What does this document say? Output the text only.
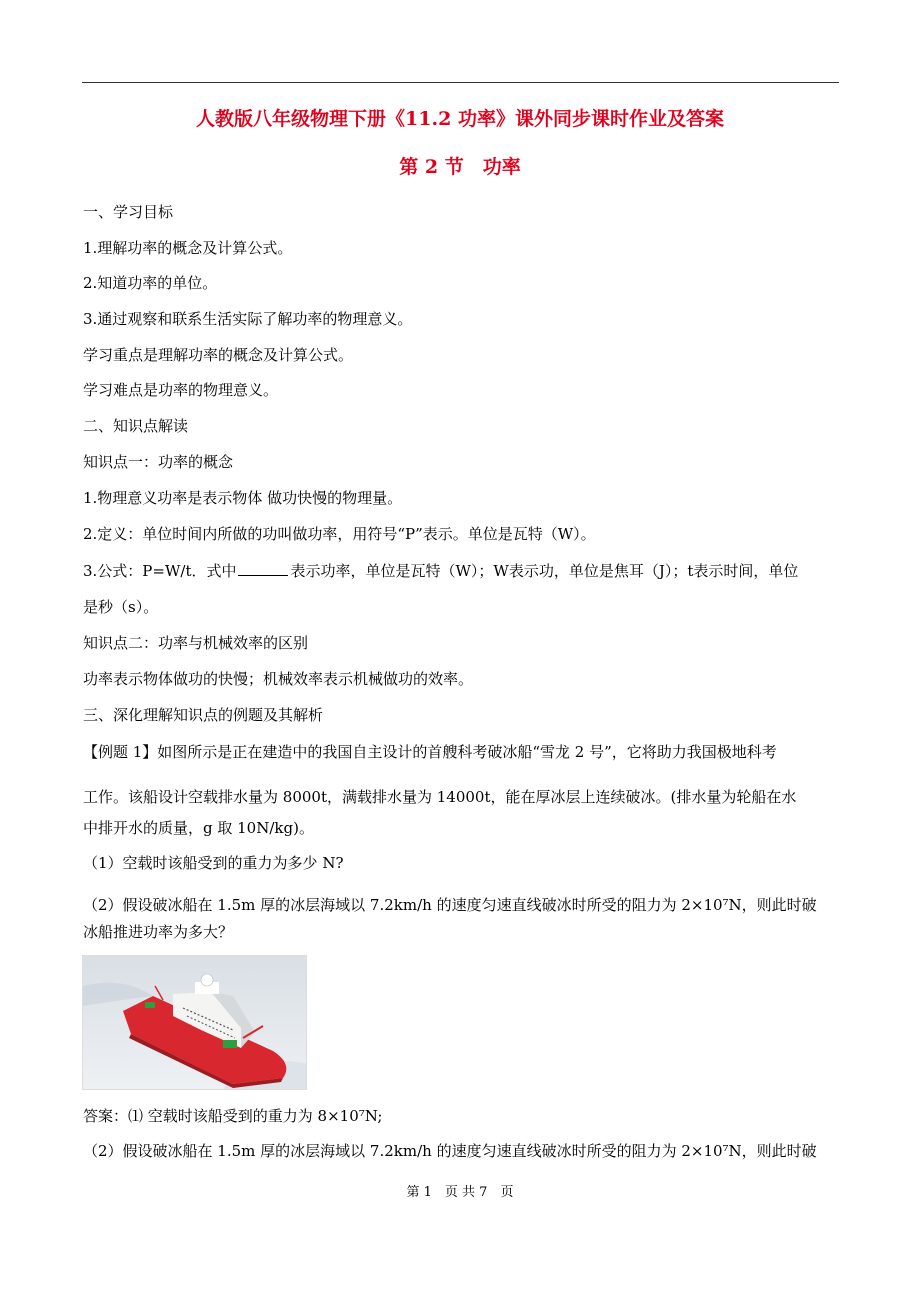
人教版八年级物理下册《11.2 功率》课外同步课时作业及答案
第 2 节　功率
一、学习目标
1.理解功率的概念及计算公式。
2.知道功率的单位。
3.通过观察和联系生活实际了解功率的物理意义。
学习重点是理解功率的概念及计算公式。
学习难点是功率的物理意义。
二、知识点解读
知识点一：功率的概念
1.物理意义功率是表示物体 做功快慢的物理量。
2.定义：单位时间内所做的功叫做功率，用符号“P”表示。单位是瓦特（W）。
3.公式：P=W/t．式中	表示功率，单位是瓦特（W）；W表示功，单位是焦耳（J）；t表示时间，单位
是秒（s）。
知识点二：功率与机械效率的区别
功率表示物体做功的快慢；机械效率表示机械做功的效率。
三、深化理解知识点的例题及其解析
【例题 1】如图所示是正在建造中的我国自主设计的首艘科考破冰船“雪龙 2 号”，它将助力我国极地科考
工作。该船设计空载排水量为 8000t，满载排水量为 14000t，能在厚冰层上连续破冰。(排水量为轮船在水
中排开水的质量，g 取 10N/kg)。
（1）空载时该船受到的重力为多少 N?
（2）假设破冰船在 1.5m 厚的冰层海域以 7.2km/h 的速度匀速直线破冰时所受的阻力为 2×10⁷N，则此时破
冰船推进功率为多大？
答案：⑴ 空载时该船受到的重力为 8×10⁷N;
（2）假设破冰船在 1.5m 厚的冰层海域以 7.2km/h 的速度匀速直线破冰时所受的阻力为 2×10⁷N，则此时破
第 1　页 共 7　页
